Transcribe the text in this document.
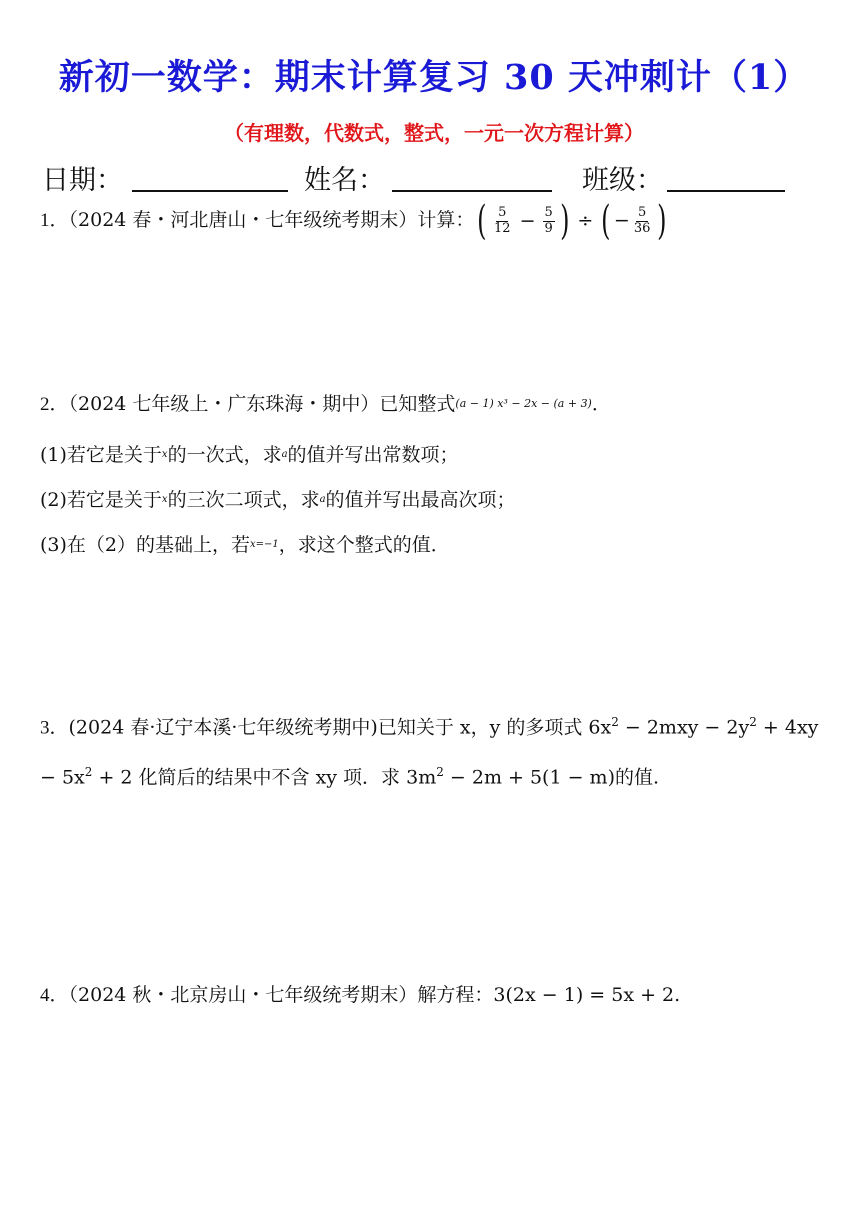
新初一数学：期末计算复习 30 天冲刺计（1）
（有理数，代数式，整式，一元一次方程计算）
日期：	姓名：	班级：
1．（2024 春・河北唐山・七年级统考期末）计算：( $\frac{5}{12} - \frac{5}{9}$ ) ÷ ( − $\frac{5}{36}$ )
2．（2024 七年级上・广东珠海・期中）已知整式(a − 1) x³ − 2x − (a + 3)．
(1)若它是关于$^x$的一次式，求$^a$的值并写出常数项；
(2)若它是关于$^x$的三次二项式，求$^a$的值并写出最高次项；
(3)在（2）的基础上，若$^{x=-1}$，求这个整式的值．
3．(2024 春·辽宁本溪·七年级统考期中)已知关于 x，y 的多项式 $6x^2 - 2mxy - 2y^2 + 4xy - 5x^2 + 2$ 化简后的结果中不含 xy 项．求 $3m^2 - 2m + 5(1 - m)$的值.
4．（2024 秋・北京房山・七年级统考期末）解方程：3(2x − 1) = 5x + 2.
